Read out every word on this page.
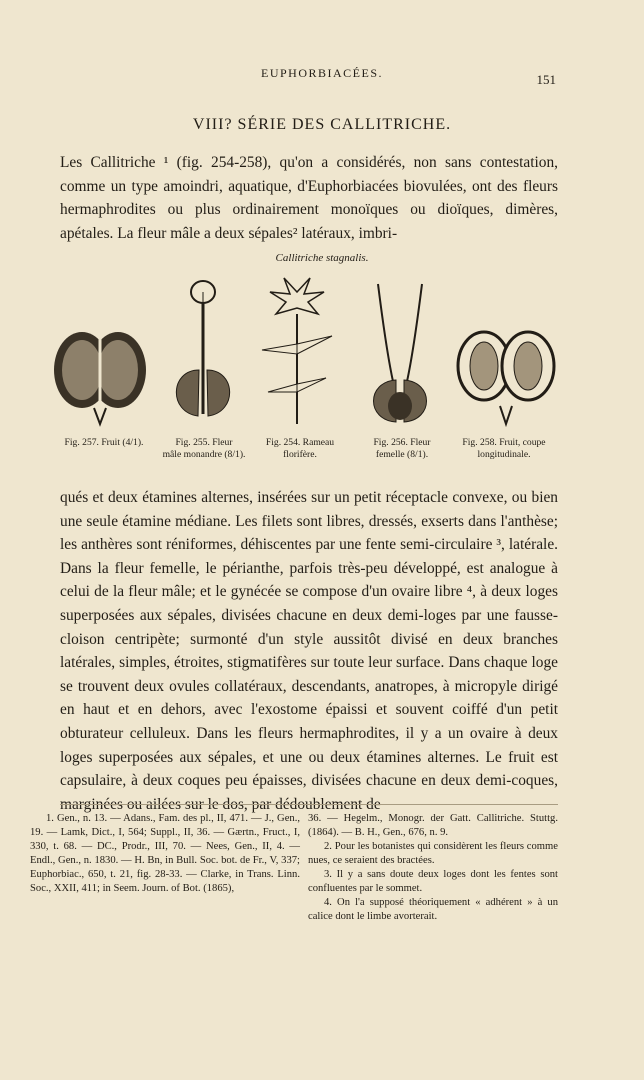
EUPHORBIACÉES.	151
VIII? SÉRIE DES CALLITRICHE.
Les Callitriche ¹ (fig. 254-258), qu'on a considérés, non sans contestation, comme un type amoindri, aquatique, d'Euphorbiacées biovulées, ont des fleurs hermaphrodites ou plus ordinairement monoïques ou dioïques, dimères, apétales. La fleur mâle a deux sépales² latéraux, imbri-
Callitriche stagnalis.
Fig. 257. Fruit (4/1).	Fig. 255. Fleur
mâle monandre (8/1).
Fig. 254. Rameau
florifère.
Fig. 256. Fleur
femelle (8/1).
Fig. 258. Fruit, coupe
longitudinale.
qués et deux étamines alternes, insérées sur un petit réceptacle convexe, ou bien une seule étamine médiane. Les filets sont libres, dressés, exserts dans l'anthèse; les anthères sont réniformes, déhiscentes par une fente semi-circulaire ³, latérale. Dans la fleur femelle, le périanthe, parfois très-peu développé, est analogue à celui de la fleur mâle; et le gynécée se compose d'un ovaire libre ⁴, à deux loges superposées aux sépales, divisées chacune en deux demi-loges par une fausse-cloison centripète; surmonté d'un style aussitôt divisé en deux branches latérales, simples, étroites, stigmatifères sur toute leur surface. Dans chaque loge se trouvent deux ovules collatéraux, descendants, anatropes, à micropyle dirigé en haut et en dehors, avec l'exostome épaissi et souvent coiffé d'un petit obturateur celluleux. Dans les fleurs hermaphrodites, il y a un ovaire à deux loges superposées aux sépales, et une ou deux étamines alternes. Le fruit est capsulaire, à deux coques peu épaisses, divisées chacune en deux demi-coques, marginées ou ailées sur le dos, par dédoublement de

1. Gen., n. 13. — Adans., Fam. des pl., II, 471. — J., Gen., 19. — Lamk, Dict., I, 564; Suppl., II, 36. — Gærtn., Fruct., I, 330, t. 68. — DC., Prodr., III, 70. — Nees, Gen., II, 4. — Endl., Gen., n. 1830. — H. Bn, in Bull. Soc. bot. de Fr., V, 337; Euphorbiac., 650, t. 21, fig. 28-33. — Clarke, in Trans. Linn. Soc., XXII, 411; in Seem. Journ. of Bot. (1865),

36. — Hegelm., Monogr. der Gatt. Callitriche. Stuttg. (1864). — B. H., Gen., 676, n. 9.

2. Pour les botanistes qui considèrent les fleurs comme nues, ce seraient des bractées.

3. Il y a sans doute deux loges dont les fentes sont confluentes par le sommet.

4. On l'a supposé théoriquement « adhérent » à un calice dont le limbe avorterait.
